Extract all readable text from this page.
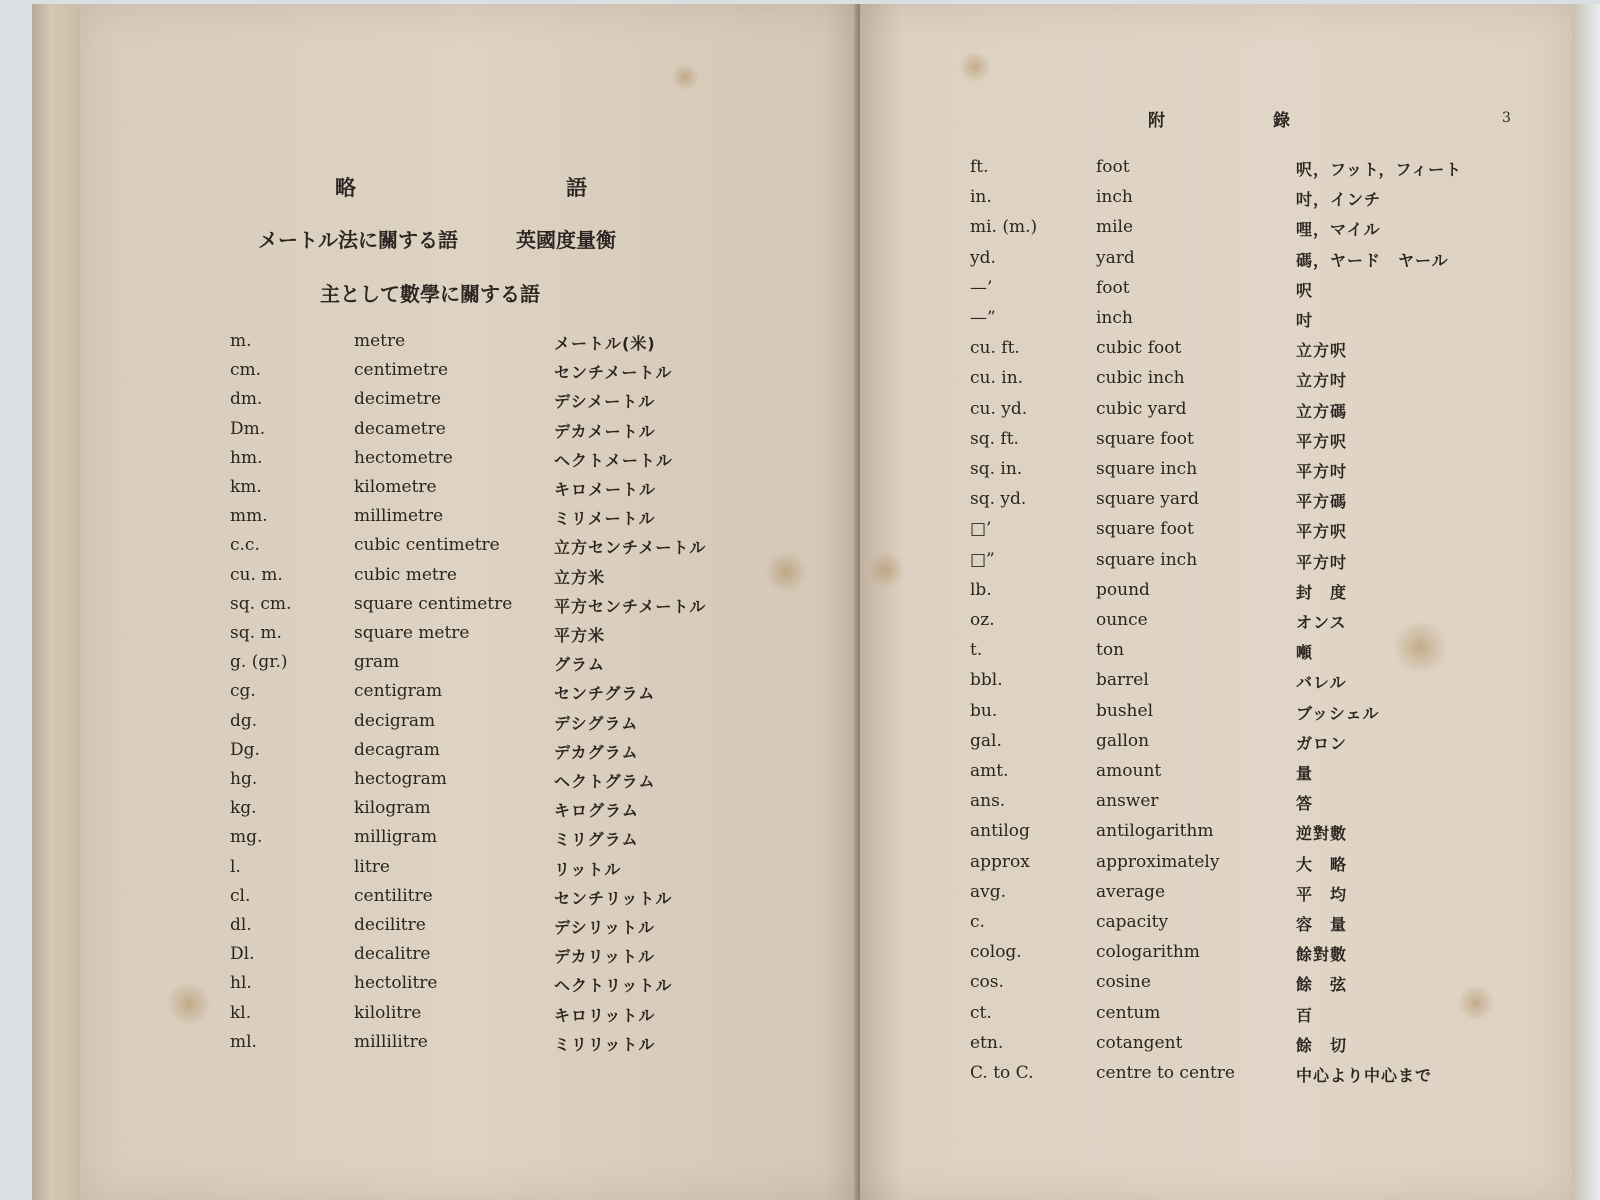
略　　語
メートル法に關する語	英國度量衡
主として數學に關する語
m.	metre	メートル(米)
cm.	centimetre	センチメートル
dm.	decimetre	デシメートル
Dm.	decametre	デカメートル
hm.	hectometre	ヘクトメートル
km.	kilometre	キロメートル
mm.	millimetre	ミリメートル
c.c.	cubic centimetre	立方センチメートル
cu. m.	cubic metre	立方米
sq. cm.	square centimetre	平方センチメートル
sq. m.	square metre	平方米
g. (gr.)	gram	グラム
cg.	centigram	センチグラム
dg.	decigram	デシグラム
Dg.	decagram	デカグラム
hg.	hectogram	ヘクトグラム
kg.	kilogram	キログラム
mg.	milligram	ミリグラム
l.	litre	リットル
cl.	centilitre	センチリットル
dl.	decilitre	デシリットル
Dl.	decalitre	デカリットル
hl.	hectolitre	ヘクトリットル
kl.	kilolitre	キロリットル
ml.	millilitre	ミリリットル
附　　　　錄	3
ft.	foot	呎，フット，フィート
in.	inch	吋，インチ
mi. (m.)	mile	哩，マイル
yd.	yard	碼，ヤード　ヤール
—’	foot	呎
—”	inch	吋
cu. ft.	cubic foot	立方呎
cu. in.	cubic inch	立方吋
cu. yd.	cubic yard	立方碼
sq. ft.	square foot	平方呎
sq. in.	square inch	平方吋
sq. yd.	square yard	平方碼
□’	square foot	平方呎
□”	square inch	平方吋
lb.	pound	封　度
oz.	ounce	オンス
t.	ton	噸
bbl.	barrel	バレル
bu.	bushel	ブッシェル
gal.	gallon	ガロン
amt.	amount	量
ans.	answer	答
antilog	antilogarithm	逆對數
approx	approximately	大　略
avg.	average	平　均
c.	capacity	容　量
colog.	cologarithm	餘對數
cos.	cosine	餘　弦
ct.	centum	百
etn.	cotangent	餘　切
C. to C.	centre to centre	中心より中心まで
